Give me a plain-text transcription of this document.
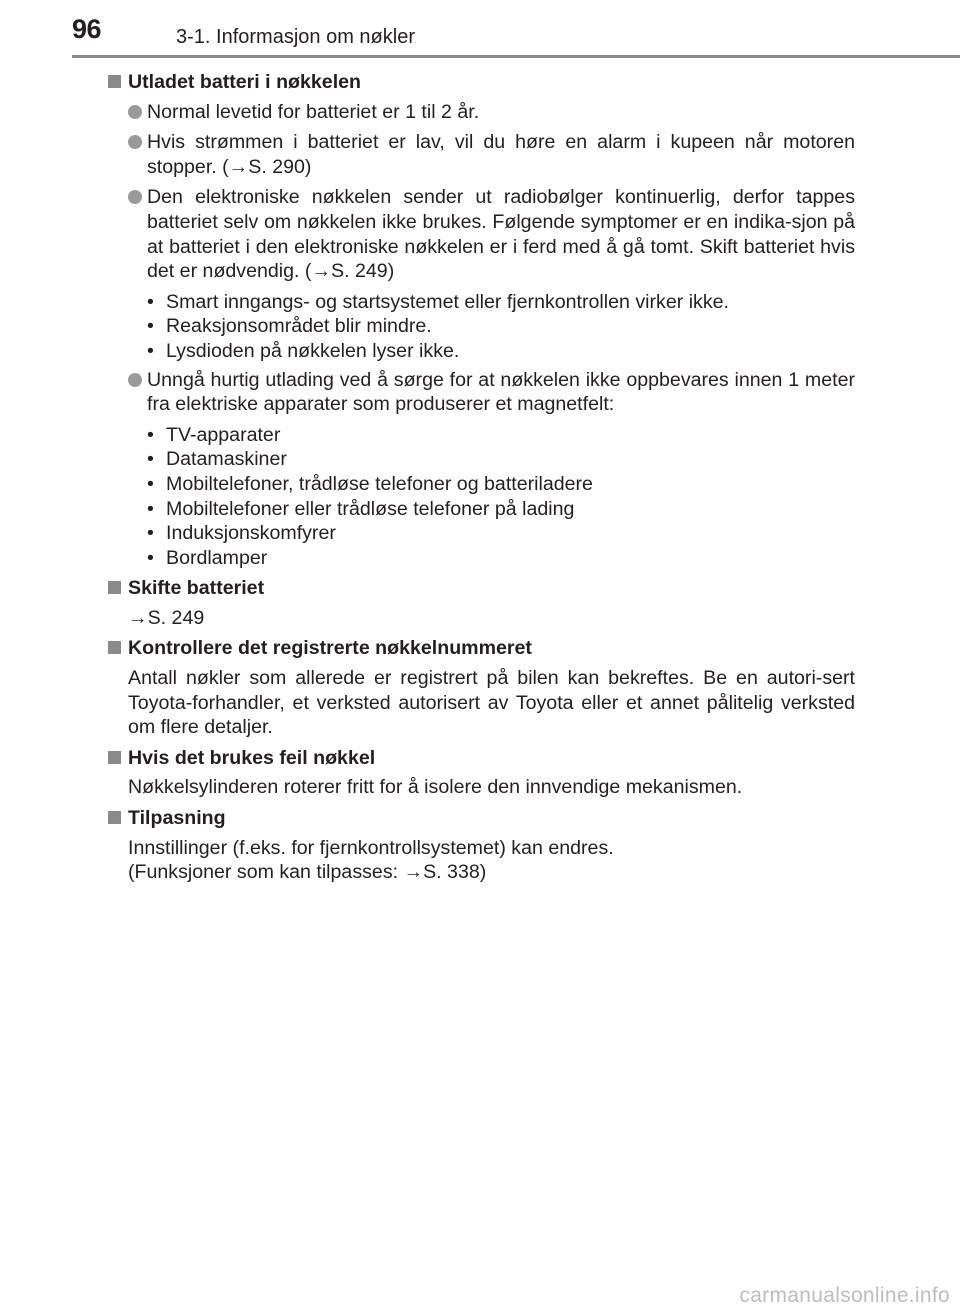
96	3-1. Informasjon om nøkler
Utladet batteri i nøkkelen
Normal levetid for batteriet er 1 til 2 år.
Hvis strømmen i batteriet er lav, vil du høre en alarm i kupeen når motoren stopper. (→S. 290)
Den elektroniske nøkkelen sender ut radiobølger kontinuerlig, derfor tappes batteriet selv om nøkkelen ikke brukes. Følgende symptomer er en indika-sjon på at batteriet i den elektroniske nøkkelen er i ferd med å gå tomt. Skift batteriet hvis det er nødvendig. (→S. 249)
• Smart inngangs- og startsystemet eller fjernkontrollen virker ikke.
• Reaksjonsområdet blir mindre.
• Lysdioden på nøkkelen lyser ikke.
Unngå hurtig utlading ved å sørge for at nøkkelen ikke oppbevares innen 1 meter fra elektriske apparater som produserer et magnetfelt:
• TV-apparater
• Datamaskiner
• Mobiltelefoner, trådløse telefoner og batteriladere
• Mobiltelefoner eller trådløse telefoner på lading
• Induksjonskomfyrer
• Bordlamper
Skifte batteriet
→S. 249
Kontrollere det registrerte nøkkelnummeret
Antall nøkler som allerede er registrert på bilen kan bekreftes. Be en autori-sert Toyota-forhandler, et verksted autorisert av Toyota eller et annet pålitelig verksted om flere detaljer.
Hvis det brukes feil nøkkel
Nøkkelsylinderen roterer fritt for å isolere den innvendige mekanismen.
Tilpasning
Innstillinger (f.eks. for fjernkontrollsystemet) kan endres.
(Funksjoner som kan tilpasses: →S. 338)
carmanualsonline.info
